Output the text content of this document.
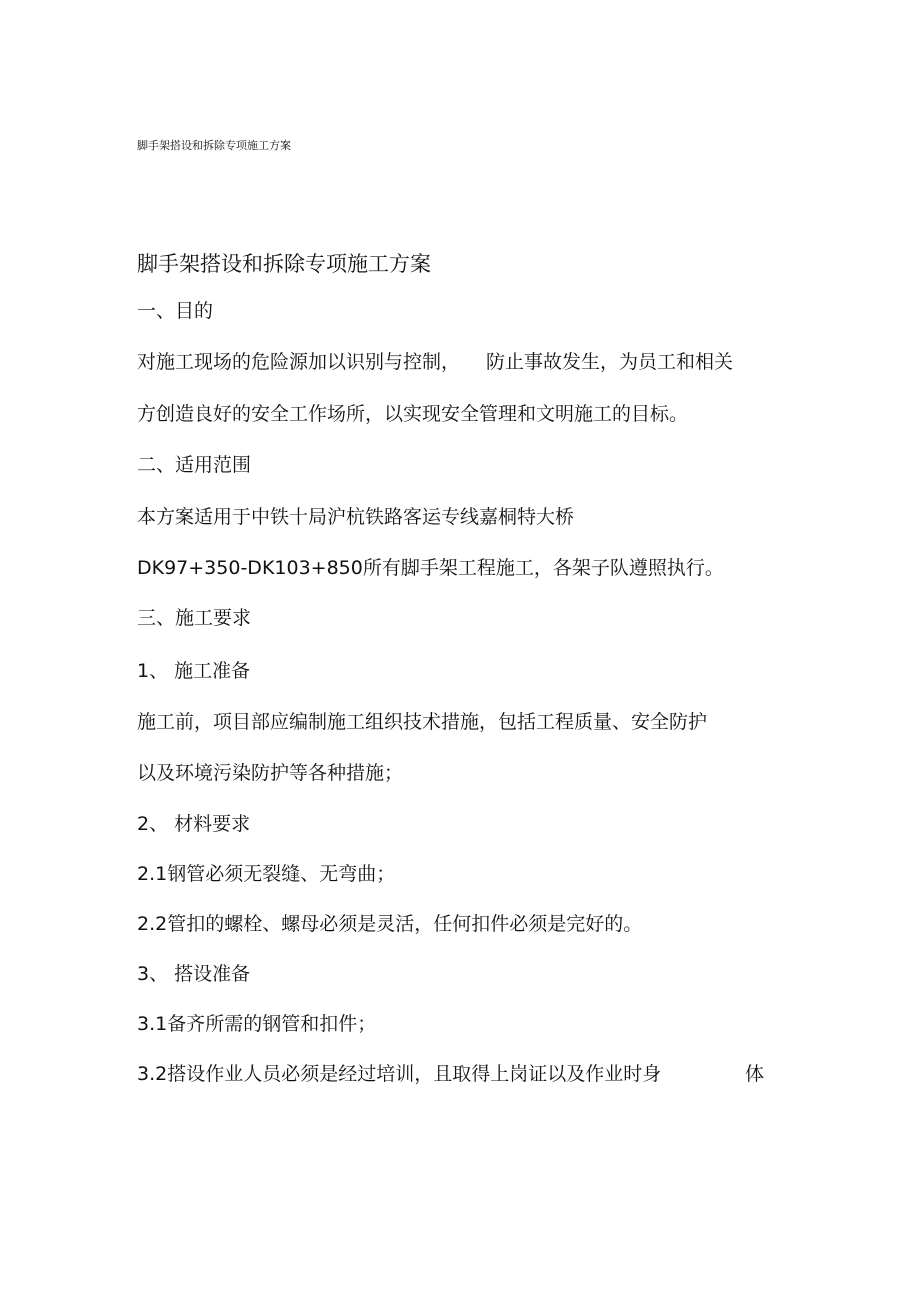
脚手架搭设和拆除专项施工方案
脚手架搭设和拆除专项施工方案
一、目的
对施工现场的危险源加以识别与控制， 防止事故发生，为员工和相关
方创造良好的安全工作场所，以实现安全管理和文明施工的目标。
二、适用范围
本方案适用于中铁十局沪杭铁路客运专线嘉桐特大桥
DK97+350-DK103+850所有脚手架工程施工，各架子队遵照执行。
三、施工要求
1、 施工准备
施工前，项目部应编制施工组织技术措施，包括工程质量、安全防护
以及环境污染防护等各种措施；
2、 材料要求
2.1钢管必须无裂缝、无弯曲；
2.2管扣的螺栓、螺母必须是灵活，任何扣件必须是完好的。
3、 搭设准备
3.1备齐所需的钢管和扣件；
3.2搭设作业人员必须是经过培训，且取得上岗证以及作业时身	体
